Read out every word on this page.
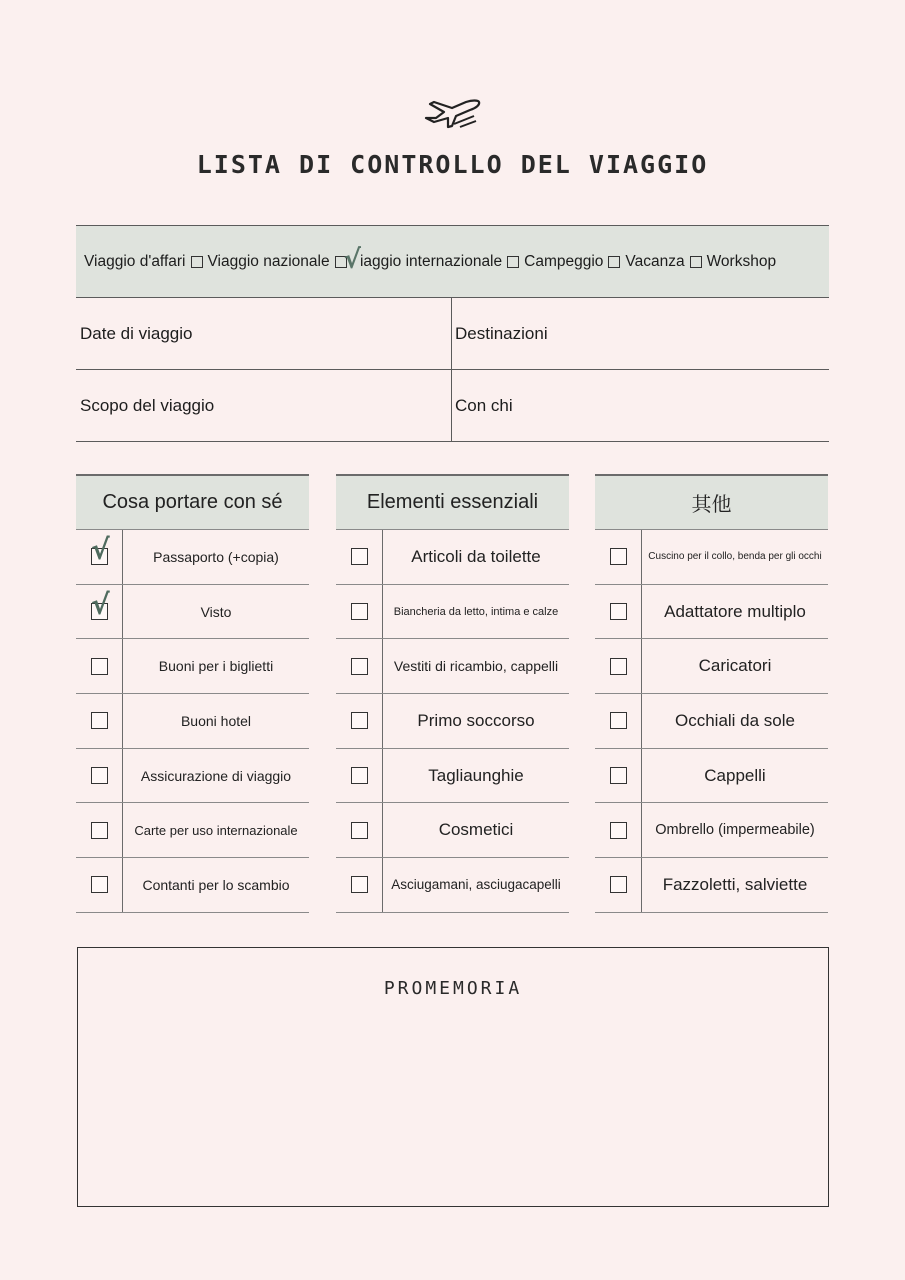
LISTA DI CONTROLLO DEL VIAGGIO
Viaggio d'affari Viaggio nazionale √ iaggio internazionale Campeggio Vacanza Workshop
Date di viaggio	Destinazioni
Scopo del viaggio	Con chi
Cosa portare con sé
√	Passaporto (+copia)
√	Visto
Buoni per i biglietti
Buoni hotel
Assicurazione di viaggio
Carte per uso internazionale
Contanti per lo scambio
Elementi essenziali
Articoli da toilette
Biancheria da letto, intima e calze
Vestiti di ricambio, cappelli
Primo soccorso
Tagliaunghie
Cosmetici
Asciugamani, asciugacapelli
其他
Cuscino per il collo, benda per gli occhi
Adattatore multiplo
Caricatori
Occhiali da sole
Cappelli
Ombrello (impermeabile)
Fazzoletti, salviette
PROMEMORIA
